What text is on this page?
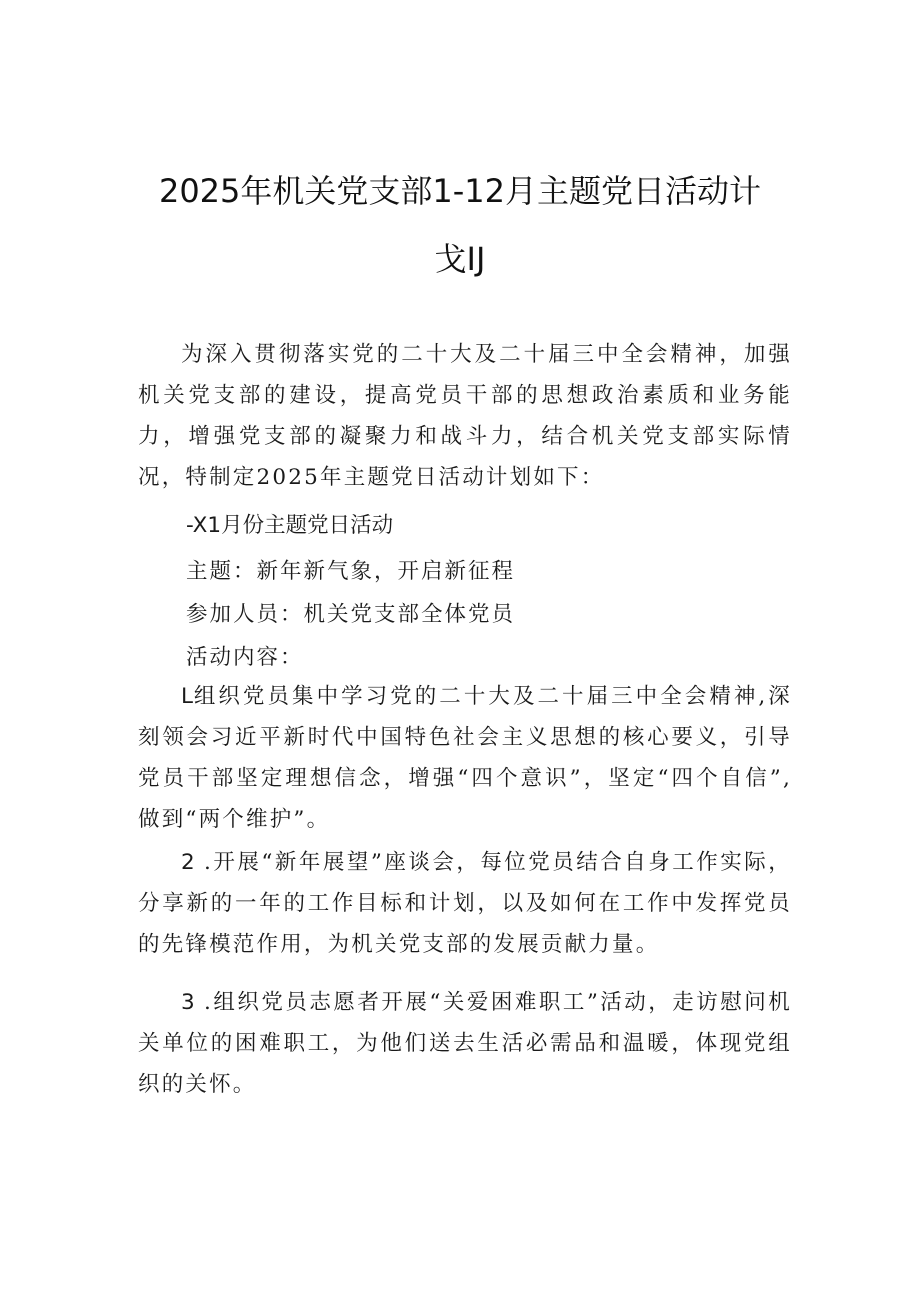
2025年机关党支部1-12月主题党日活动计
戈IJ

为深入贯彻落实党的二十大及二十届三中全会精神，加强机关党支部的建设，提高党员干部的思想政治素质和业务能力，增强党支部的凝聚力和战斗力，结合机关党支部实际情况，特制定2025年主题党日活动计划如下：

-X1月份主题党日活动
主题：新年新气象，开启新征程
参加人员：机关党支部全体党员
活动内容：

L组织党员集中学习党的二十大及二十届三中全会精神,深刻领会习近平新时代中国特色社会主义思想的核心要义，引导党员干部坚定理想信念，增强“四个意识”，坚定“四个自信”,做到“两个维护”。

2 .开展“新年展望”座谈会，每位党员结合自身工作实际，分享新的一年的工作目标和计划，以及如何在工作中发挥党员的先锋模范作用，为机关党支部的发展贡献力量。

3 .组织党员志愿者开展“关爱困难职工”活动，走访慰问机关单位的困难职工，为他们送去生活必需品和温暖，体现党组织的关怀。
